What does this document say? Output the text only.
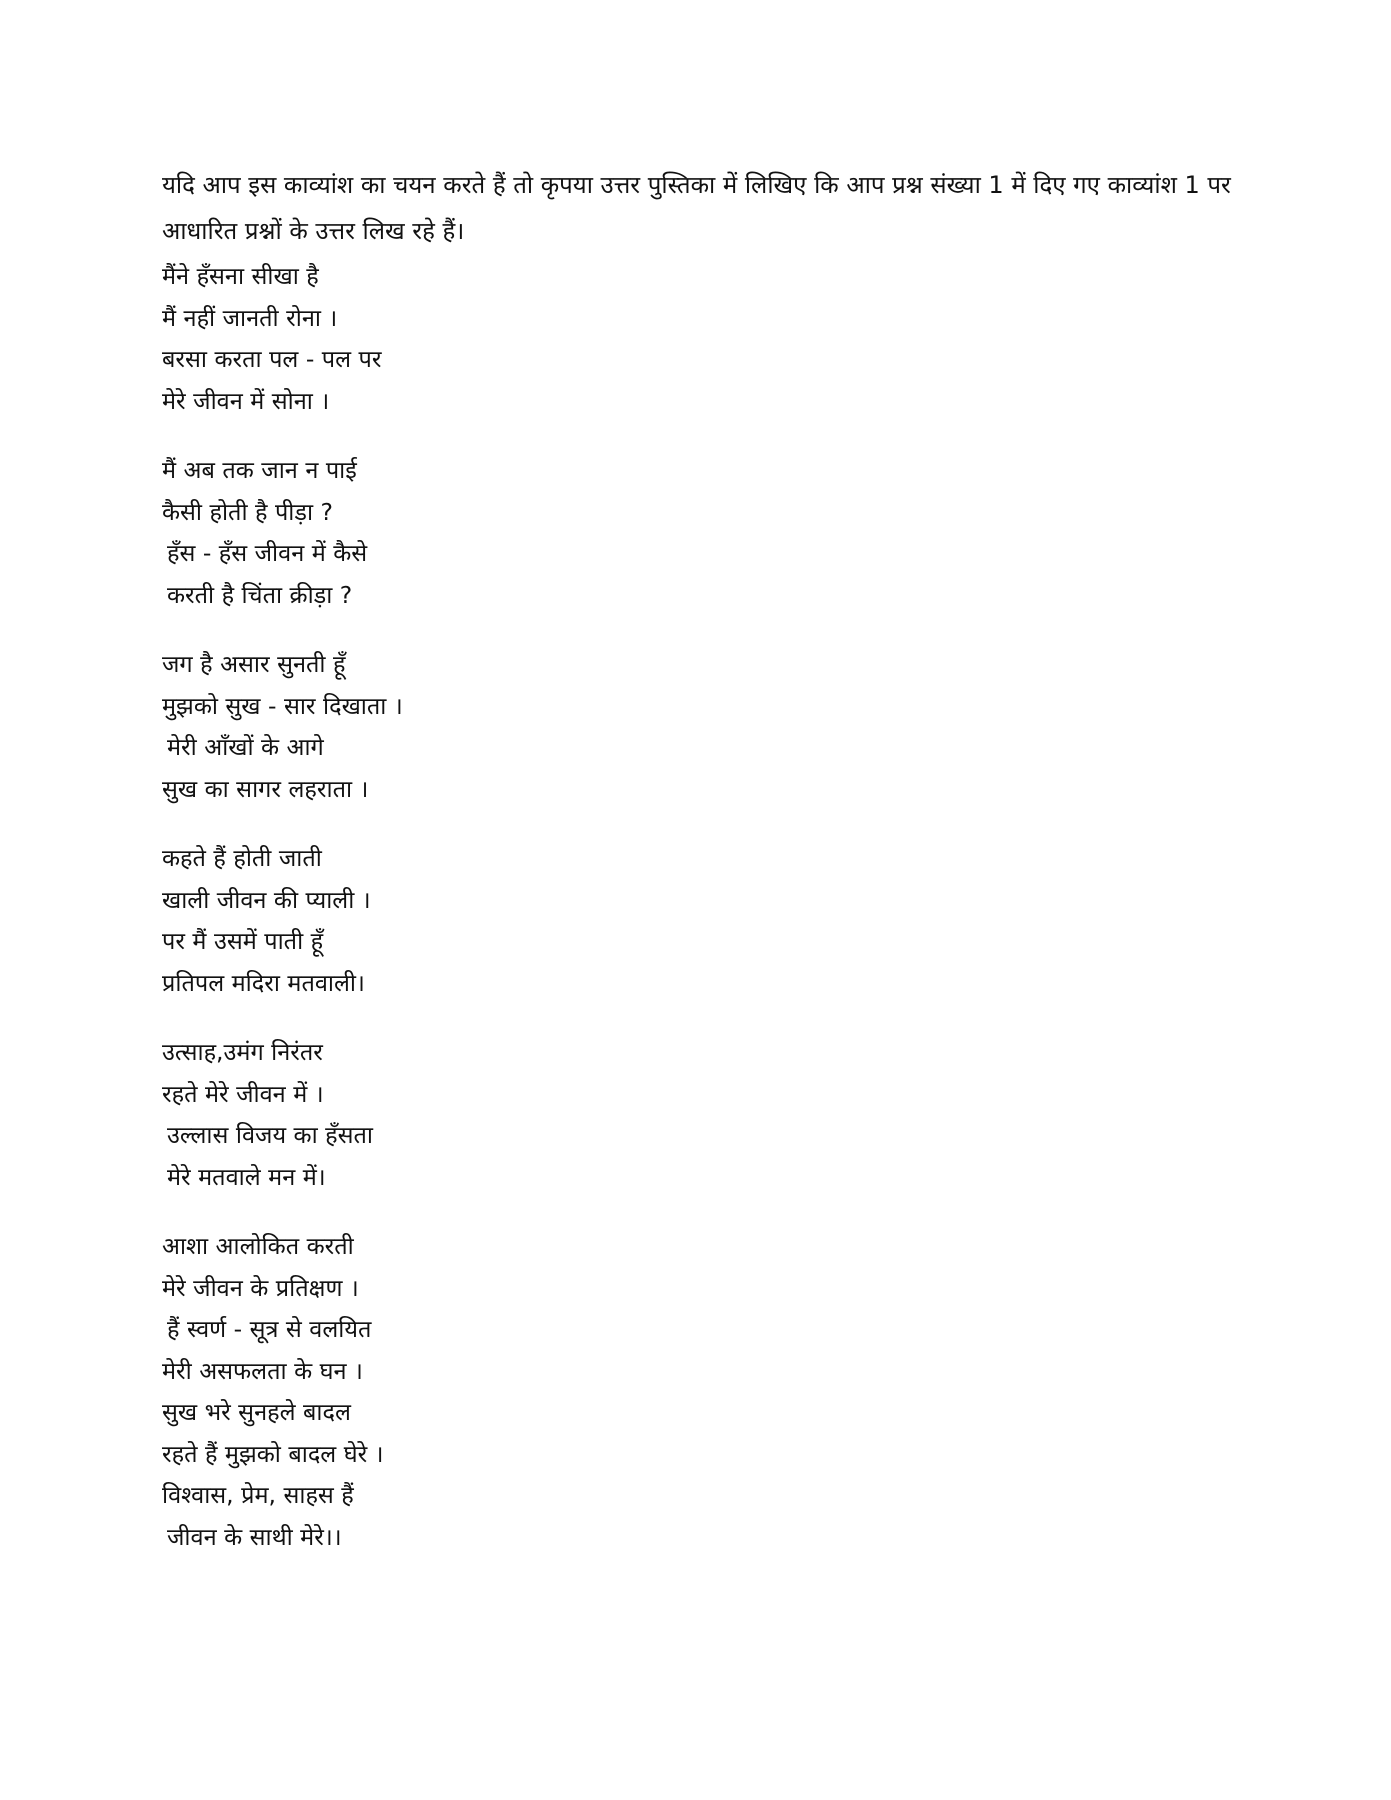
यदि आप इस काव्यांश का चयन करते हैं तो कृपया उत्तर पुस्तिका में लिखिए कि आप प्रश्न संख्या 1 में दिए गए काव्यांश 1 पर आधारित प्रश्नों के उत्तर लिख रहे हैं।

मैंने हँसना सीखा है
मैं नहीं जानती रोना ।
बरसा करता पल - पल पर
मेरे जीवन में सोना ।
मैं अब तक जान न पाई
कैसी होती है पीड़ा ?
हँस - हँस जीवन में कैसे
करती है चिंता क्रीड़ा ?
जग है असार सुनती हूँ
मुझको सुख - सार दिखाता ।
मेरी आँखों के आगे
सुख का सागर लहराता ।
कहते हैं होती जाती
खाली जीवन की प्याली ।
पर मैं उसमें पाती हूँ
प्रतिपल मदिरा मतवाली।
उत्साह,उमंग निरंतर
रहते मेरे जीवन में ।
उल्लास विजय का हँसता
मेरे मतवाले मन में।
आशा आलोकित करती
मेरे जीवन के प्रतिक्षण ।
हैं स्वर्ण - सूत्र से वलयित
मेरी असफलता के घन ।
सुख भरे सुनहले बादल
रहते हैं मुझको बादल घेरे ।
विश्वास, प्रेम, साहस हैं
जीवन के साथी मेरे।।
